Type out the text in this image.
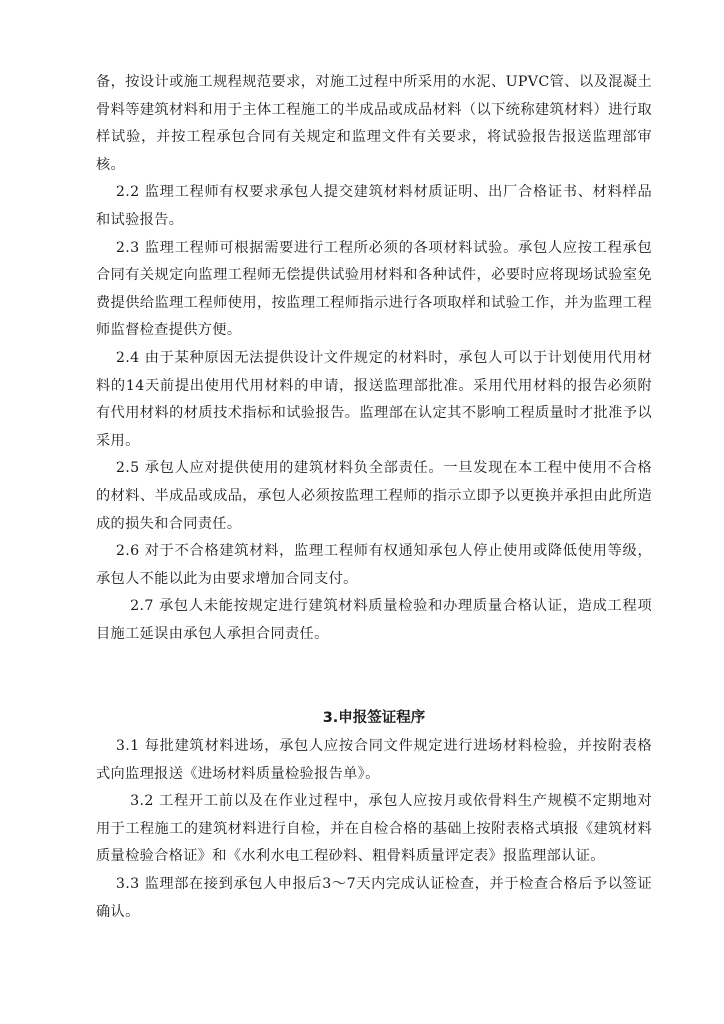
备，按设计或施工规程规范要求，对施工过程中所采用的水泥、UPVC管、以及混凝土骨料等建筑材料和用于主体工程施工的半成品或成品材料（以下统称建筑材料）进行取样试验，并按工程承包合同有关规定和监理文件有关要求，将试验报告报送监理部审核。

2.2 监理工程师有权要求承包人提交建筑材料材质证明、出厂合格证书、材料样品和试验报告。

2.3 监理工程师可根据需要进行工程所必须的各项材料试验。承包人应按工程承包合同有关规定向监理工程师无偿提供试验用材料和各种试件，必要时应将现场试验室免费提供给监理工程师使用，按监理工程师指示进行各项取样和试验工作，并为监理工程师监督检查提供方便。

2.4 由于某种原因无法提供设计文件规定的材料时，承包人可以于计划使用代用材料的14天前提出使用代用材料的申请，报送监理部批准。采用代用材料的报告必须附有代用材料的材质技术指标和试验报告。监理部在认定其不影响工程质量时才批准予以采用。

2.5 承包人应对提供使用的建筑材料负全部责任。一旦发现在本工程中使用不合格的材料、半成品或成品，承包人必须按监理工程师的指示立即予以更换并承担由此所造成的损失和合同责任。

2.6 对于不合格建筑材料，监理工程师有权通知承包人停止使用或降低使用等级，承包人不能以此为由要求增加合同支付。

2.7 承包人未能按规定进行建筑材料质量检验和办理质量合格认证，造成工程项目施工延误由承包人承担合同责任。

3.申报签证程序

3.1 每批建筑材料进场，承包人应按合同文件规定进行进场材料检验，并按附表格式向监理报送《进场材料质量检验报告单》。

3.2 工程开工前以及在作业过程中，承包人应按月或依骨料生产规模不定期地对用于工程施工的建筑材料进行自检，并在自检合格的基础上按附表格式填报《建筑材料质量检验合格证》和《水利水电工程砂料、粗骨料质量评定表》报监理部认证。

3.3 监理部在接到承包人申报后3～7天内完成认证检查，并于检查合格后予以签证确认。
